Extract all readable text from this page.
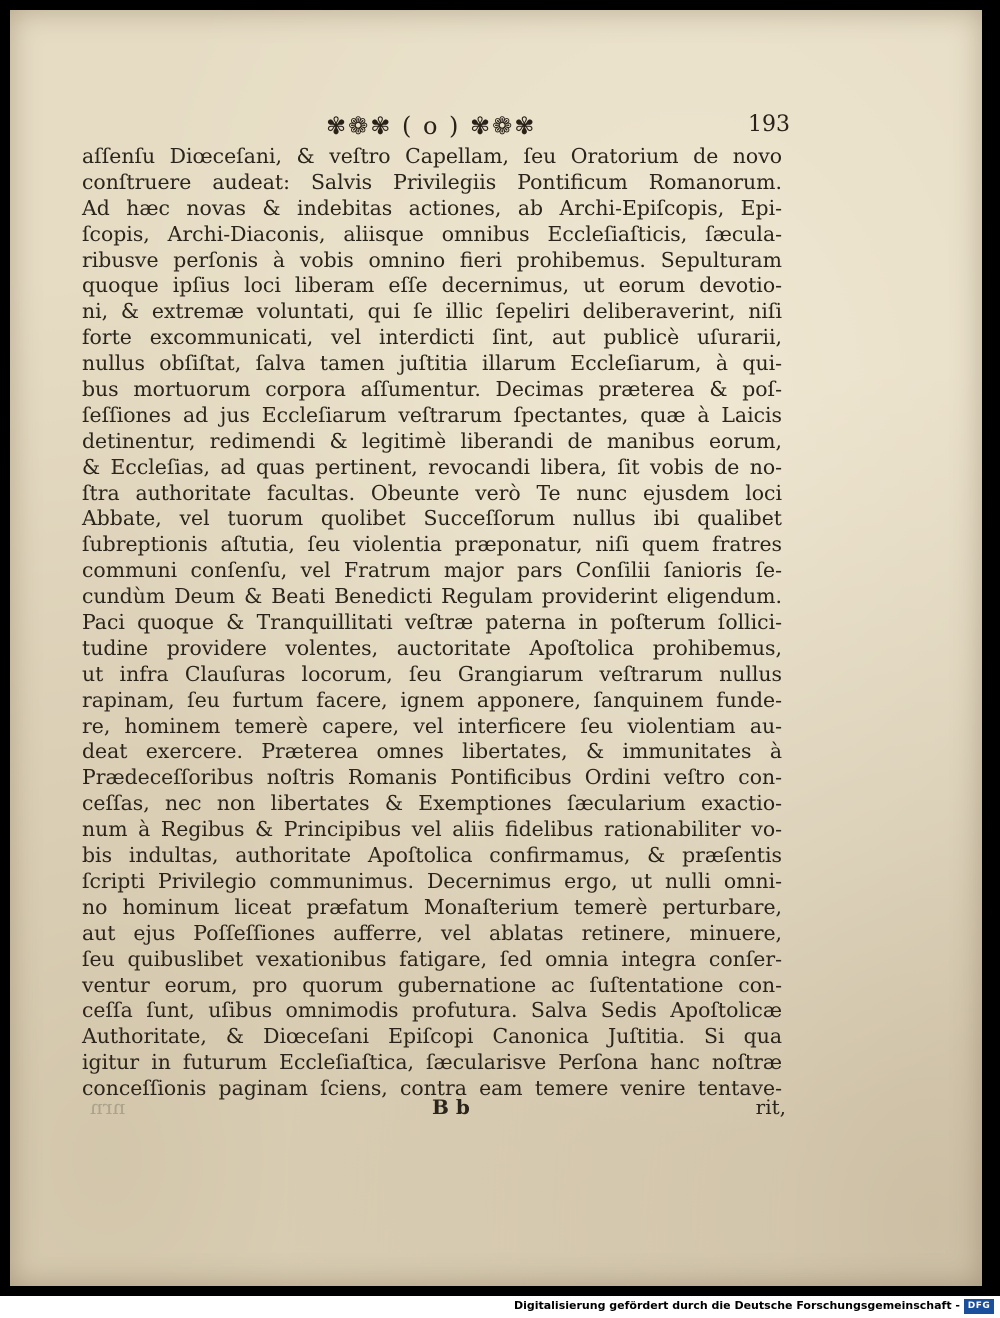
✾❁✾ ( o ) ✾❁✾	193
aſſenſu Diœceſani, & veſtro Capellam, ſeu Oratorium de novo
conſtruere audeat: Salvis Privilegiis Pontificum Romanorum.
Ad hæc novas & indebitas actiones, ab Archi-Epiſcopis, Epi-
ſcopis, Archi-Diaconis, aliisque omnibus Eccleſiaſticis, ſæcula-
ribusve perſonis à vobis omnino fieri prohibemus. Sepulturam
quoque ipſius loci liberam eſſe decernimus, ut eorum devotio-
ni, & extremæ voluntati, qui ſe illic ſepeliri deliberaverint, niſi
forte excommunicati, vel interdicti ſint, aut publicè uſurarii,
nullus obſiſtat, ſalva tamen juſtitia illarum Eccleſiarum, à qui-
bus mortuorum corpora aſſumentur. Decimas præterea & poſ-
ſeſſiones ad jus Eccleſiarum veſtrarum ſpectantes, quæ à Laicis
detinentur, redimendi & legitimè liberandi de manibus eorum,
& Eccleſias, ad quas pertinent, revocandi libera, ſit vobis de no-
ſtra authoritate facultas. Obeunte verò Te nunc ejusdem loci
Abbate, vel tuorum quolibet Succeſſorum nullus ibi qualibet
ſubreptionis aſtutia, ſeu violentia præponatur, niſi quem fratres
communi conſenſu, vel Fratrum major pars Conſilii ſanioris ſe-
cundùm Deum & Beati Benedicti Regulam providerint eligendum.
Paci quoque & Tranquillitati veſtræ paterna in poſterum ſollici-
tudine providere volentes, auctoritate Apoſtolica prohibemus,
ut infra Clauſuras locorum, ſeu Grangiarum veſtrarum nullus
rapinam, ſeu furtum facere, ignem apponere, ſanquinem funde-
re, hominem temerè capere, vel interficere ſeu violentiam au-
deat exercere. Præterea omnes libertates, & immunitates à
Prædeceſſoribus noſtris Romanis Pontificibus Ordini veſtro con-
ceſſas, nec non libertates & Exemptiones ſæcularium exactio-
num à Regibus & Principibus vel aliis fidelibus rationabiliter vo-
bis indultas, authoritate Apoſtolica confirmamus, & præſentis
ſcripti Privilegio communimus. Decernimus ergo, ut nulli omni-
no hominum liceat præfatum Monaſterium temerè perturbare,
aut ejus Poſſeſſiones aufferre, vel ablatas retinere, minuere,
ſeu quibuslibet vexationibus fatigare, ſed omnia integra conſer-
ventur eorum, pro quorum gubernatione ac ſuſtentatione con-
ceſſa ſunt, uſibus omnimodis profutura. Salva Sedis Apoſtolicæ
Authoritate, & Diœceſani Epiſcopi Canonica Juſtitia. Si qua
igitur in futurum Eccleſiaſtica, ſæcularisve Perſona hanc noſtræ
conceſſionis paginam ſciens, contra eam temere venire tentave-
nrn	B b	rit,
Digitalisierung gefördert durch die Deutsche Forschungsgemeinschaft - DFG
